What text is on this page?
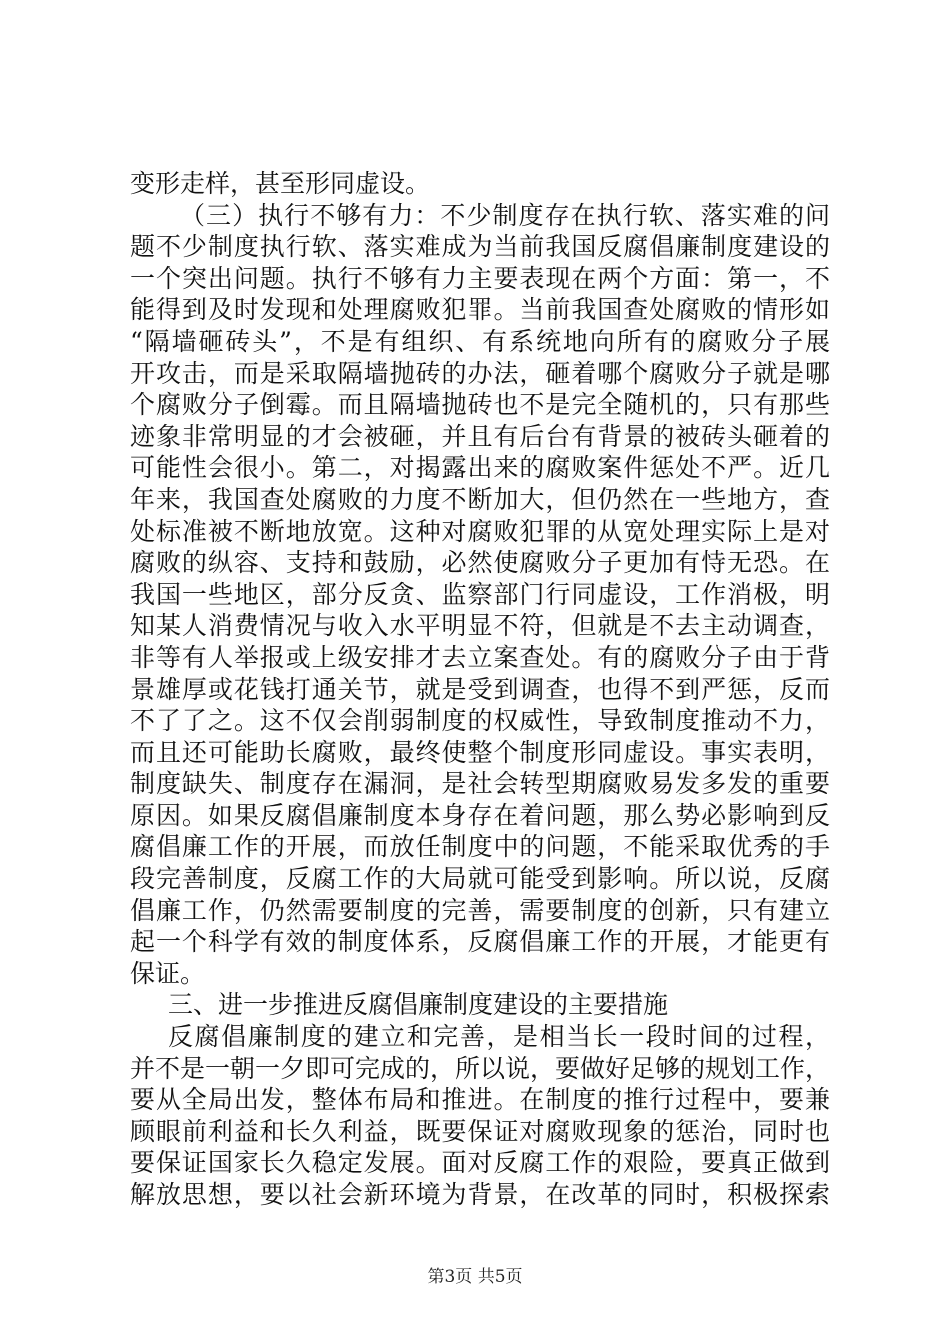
变形走样，甚至形同虚设。
（三）执行不够有力：不少制度存在执行软、落实难的问
题不少制度执行软、落实难成为当前我国反腐倡廉制度建设的
一个突出问题。执行不够有力主要表现在两个方面：第一，不
能得到及时发现和处理腐败犯罪。当前我国查处腐败的情形如
“隔墙砸砖头”，不是有组织、有系统地向所有的腐败分子展
开攻击，而是采取隔墙抛砖的办法，砸着哪个腐败分子就是哪
个腐败分子倒霉。而且隔墙抛砖也不是完全随机的，只有那些
迹象非常明显的才会被砸，并且有后台有背景的被砖头砸着的
可能性会很小。第二，对揭露出来的腐败案件惩处不严。近几
年来，我国查处腐败的力度不断加大，但仍然在一些地方，查
处标准被不断地放宽。这种对腐败犯罪的从宽处理实际上是对
腐败的纵容、支持和鼓励，必然使腐败分子更加有恃无恐。在
我国一些地区，部分反贪、监察部门行同虚设，工作消极，明
知某人消费情况与收入水平明显不符，但就是不去主动调查，
非等有人举报或上级安排才去立案查处。有的腐败分子由于背
景雄厚或花钱打通关节，就是受到调查，也得不到严惩，反而
不了了之。这不仅会削弱制度的权威性，导致制度推动不力，
而且还可能助长腐败，最终使整个制度形同虚设。事实表明，
制度缺失、制度存在漏洞，是社会转型期腐败易发多发的重要
原因。如果反腐倡廉制度本身存在着问题，那么势必影响到反
腐倡廉工作的开展，而放任制度中的问题，不能采取优秀的手
段完善制度，反腐工作的大局就可能受到影响。所以说，反腐
倡廉工作，仍然需要制度的完善，需要制度的创新，只有建立
起一个科学有效的制度体系，反腐倡廉工作的开展，才能更有
保证。
三、进一步推进反腐倡廉制度建设的主要措施
反腐倡廉制度的建立和完善，是相当长一段时间的过程，
并不是一朝一夕即可完成的，所以说，要做好足够的规划工作，
要从全局出发，整体布局和推进。在制度的推行过程中，要兼
顾眼前利益和长久利益，既要保证对腐败现象的惩治，同时也
要保证国家长久稳定发展。面对反腐工作的艰险，要真正做到
解放思想，要以社会新环境为背景，在改革的同时，积极探索
第3页 共5页
